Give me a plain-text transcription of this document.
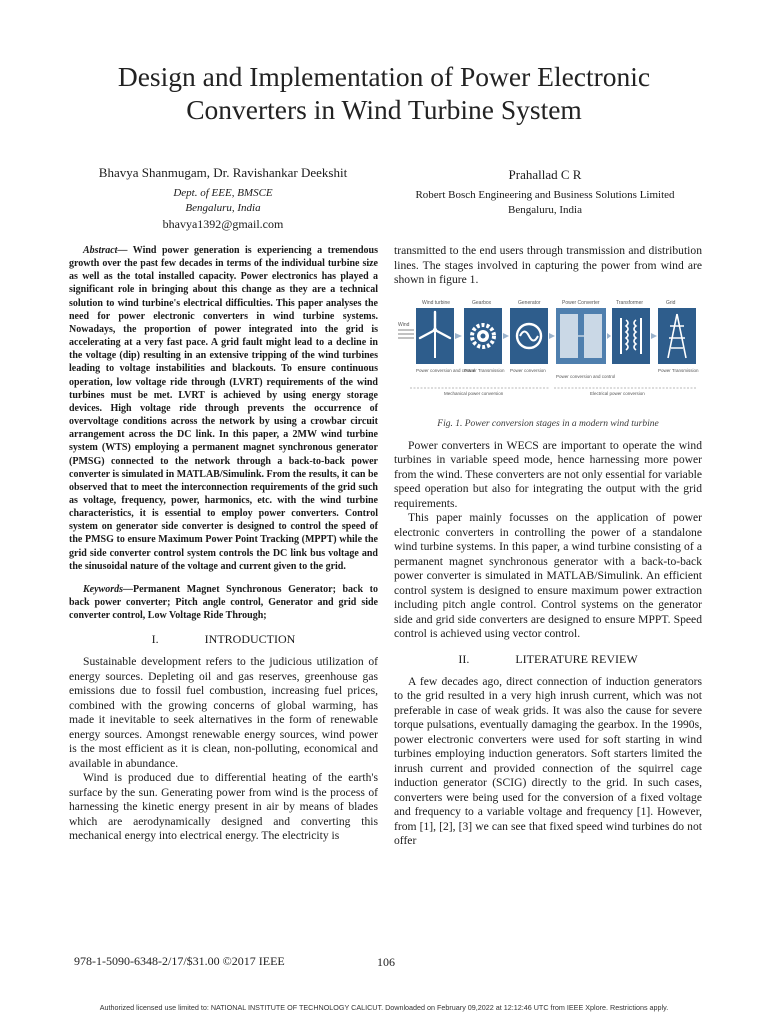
Design and Implementation of Power Electronic
Converters in Wind Turbine System
Bhavya Shanmugam, Dr. Ravishankar Deekshit
Dept. of EEE, BMSCE
Bengaluru, India
bhavya1392@gmail.com
Prahallad C R
Robert Bosch Engineering and Business Solutions Limited
Bengaluru, India

Abstract— Wind power generation is experiencing a tremendous growth over the past few decades in terms of the individual turbine size as well as the total installed capacity. Power electronics has played a significant role in bringing about this change as they are a technical solution to wind turbine's electrical difficulties. This paper analyses the need for power electronic converters in wind turbine systems. Nowadays, the proportion of power integrated into the grid is accelerating at a very fast pace. A grid fault might lead to a decline in the voltage (dip) resulting in an extensive tripping of the wind turbines leading to voltage instabilities and blackouts. To ensure continuous operation, low voltage ride through (LVRT) requirements of the wind turbines must be met. LVRT is achieved by using energy storage devices. High voltage ride through prevents the occurrence of overvoltage conditions across the network by using a crowbar circuit arrangement across the DC link. In this paper, a 2MW wind turbine system (WTS) employing a permanent magnet synchronous generator (PMSG) connected to the network through a back-to-back power converter is simulated in MATLAB/Simulink. From the results, it can be observed that to meet the interconnection requirements of the grid such as voltage, frequency, power, harmonics, etc. with the wind turbine characteristics, it is essential to employ power converters. Control system on generator side converter is designed to control the speed of the PMSG to ensure Maximum Power Point Tracking (MPPT) while the grid side converter control system controls the DC link bus voltage and the sinusoidal nature of the voltage and current given to the grid.

Keywords—Permanent Magnet Synchronous Generator; back to back power converter; Pitch angle control, Generator and grid side converter control, Low Voltage Ride Through;

I.	INTRODUCTION

Sustainable development refers to the judicious utilization of energy sources. Depleting oil and gas reserves, greenhouse gas emissions due to fossil fuel combustion, increasing fuel prices, combined with the growing concerns of global warming, has made it inevitable to seek alternatives in the form of renewable energy sources. Amongst renewable energy sources, wind power is the most efficient as it is clean, non-polluting, economical and available in abundance.

Wind is produced due to differential heating of the earth's surface by the sun. Generating power from wind is the process of harnessing the kinetic energy present in air by means of blades which are aerodynamically designed and converting this mechanical energy into electrical energy. The electricity is

transmitted to the end users through transmission and distribution lines. The stages involved in capturing the power from wind are shown in figure 1.

Wind turbine	Gearbox	Generator	Power Converter	Transformer	Grid
Wind
Power conversion and control
Power Transmission Power conversion
Power conversion and control
Power Transmission
Mechanical power conversion	Electrical power conversion
Fig. 1. Power conversion stages in a modern wind turbine

Power converters in WECS are important to operate the wind turbines in variable speed mode, hence harnessing more power from the wind. These converters are not only essential for variable speed operation but also for integrating the output with the grid requirements.

This paper mainly focusses on the application of power electronic converters in controlling the power of a standalone wind turbine systems. In this paper, a wind turbine consisting of a permanent magnet synchronous generator with a back-to-back power converter is simulated in MATLAB/Simulink. An efficient control system is designed to ensure maximum power extraction including pitch angle control. Control systems on the generator side and grid side converters are designed to ensure MPPT. Speed control is achieved using vector control.

II.	LITERATURE REVIEW

A few decades ago, direct connection of induction generators to the grid resulted in a very high inrush current, which was not preferable in case of weak grids. It was also the cause for severe torque pulsations, eventually damaging the gearbox. In the 1990s, power electronic converters were used for soft starting in wind turbines employing induction generators. Soft starters limited the inrush current and provided connection of the squirrel cage induction generator (SCIG) directly to the grid. In such cases, converters were being used for the conversion of a fixed voltage and frequency to a variable voltage and frequency [1]. However, from [1], [2], [3] we can see that fixed speed wind turbines do not offer

978-1-5090-6348-2/17/$31.00 ©2017 IEEE	106
Authorized licensed use limited to: NATIONAL INSTITUTE OF TECHNOLOGY CALICUT. Downloaded on February 09,2022 at 12:12:46 UTC from IEEE Xplore. Restrictions apply.
